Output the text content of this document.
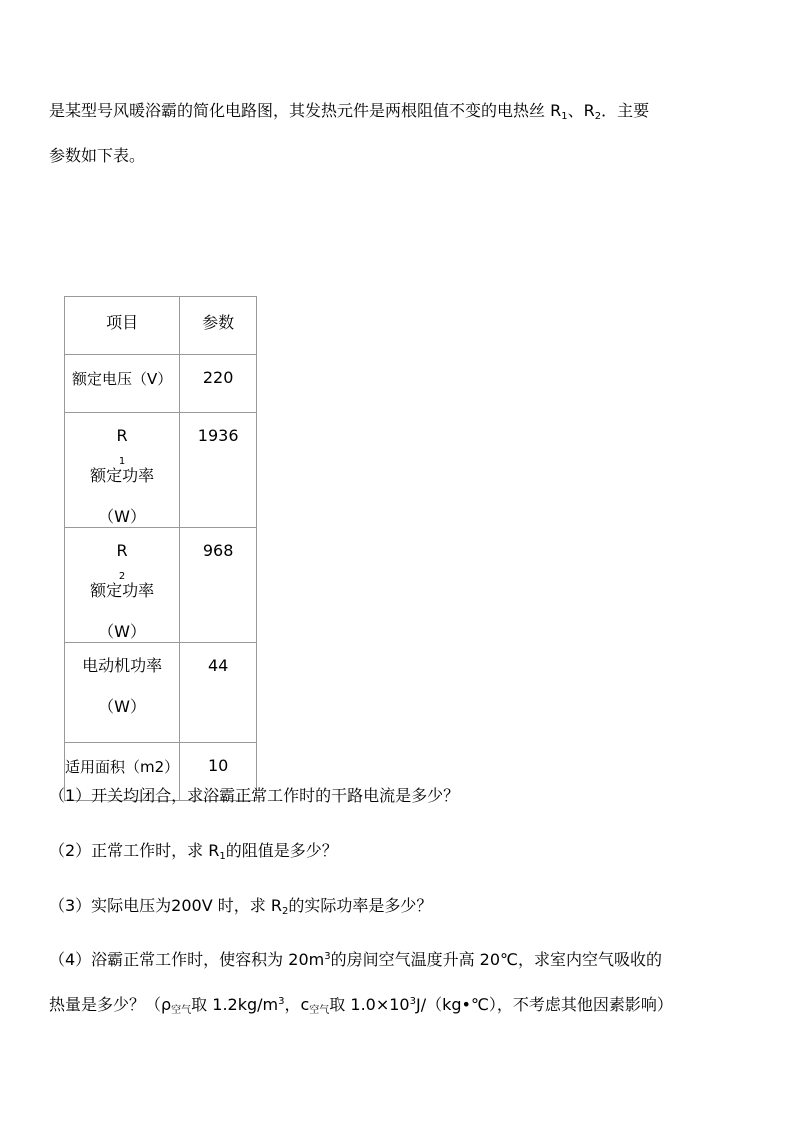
是某型号风暖浴霸的简化电路图，其发热元件是两根阻值不变的电热丝 $R_1$、$R_2$．主要
参数如下表。
项目	参数

额定电压（V）	220

R
$_1$
额定功率
（W）	1936

R
$_2$
额定功率
（W）	968

电动机功率
（W）	44

适用面积（m2）	10
（1）开关均闭合，求浴霸正常工作时的干路电流是多少？
（2）正常工作时，求 $R_1$的阻值是多少？
（3）实际电压为200V 时，求 $R_2$的实际功率是多少？
（4）浴霸正常工作时，使容积为 $20m^3$的房间空气温度升高 20℃，求室内空气吸收的
热量是多少？（$\rho_{空气}$取 $1.2kg/m^3$，$c_{空气}$取 $1.0\times 10^3J/(kg•℃)$，不考虑其他因素影响）
